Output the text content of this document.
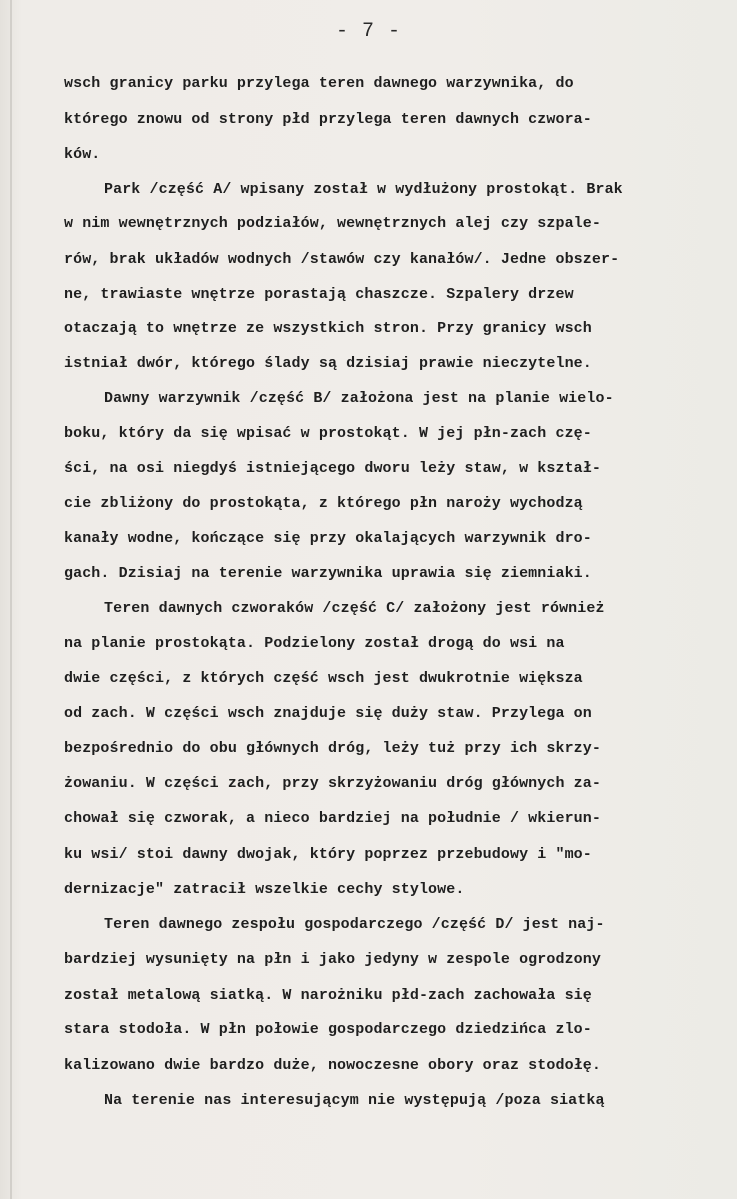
- 7 -
wsch granicy parku przylega teren dawnego warzywnika, do
którego znowu od strony płd przylega teren dawnych czwora-
ków.
Park /część A/ wpisany został w wydłużony prostokąt. Brak
w nim wewnętrznych podziałów, wewnętrznych alej czy szpale-
rów, brak układów wodnych /stawów czy kanałów/. Jedne obszer-
ne, trawiaste wnętrze porastają chaszcze. Szpalery drzew
otaczają to wnętrze ze wszystkich stron. Przy granicy wsch
istniał dwór, którego ślady są dzisiaj prawie nieczytelne.
Dawny warzywnik /część B/ założona jest na planie wielo-
boku, który da się wpisać w prostokąt. W jej płn-zach czę-
ści, na osi niegdyś istniejącego dworu leży staw, w kształ-
cie zbliżony do prostokąta, z którego płn naroży wychodzą
kanały wodne, kończące się przy okalających warzywnik dro-
gach. Dzisiaj na terenie warzywnika uprawia się ziemniaki.
Teren dawnych czworaków /część C/ założony jest również
na planie prostokąta. Podzielony został drogą do wsi na
dwie części, z których część wsch jest dwukrotnie większa
od zach. W części wsch znajduje się duży staw. Przylega on
bezpośrednio do obu głównych dróg, leży tuż przy ich skrzy-
żowaniu. W części zach, przy skrzyżowaniu dróg głównych za-
chował się czworak, a nieco bardziej na południe / wkierun-
ku wsi/ stoi dawny dwojak, który poprzez przebudowy i "mo-
dernizacje" zatracił wszelkie cechy stylowe.
Teren dawnego zespołu gospodarczego /część D/ jest naj-
bardziej wysunięty na płn i jako jedyny w zespole ogrodzony
został metalową siatką. W narożniku płd-zach zachowała się
stara stodoła. W płn połowie gospodarczego dziedzińca zlo-
kalizowano dwie bardzo duże, nowoczesne obory oraz stodołę.
Na terenie nas interesującym nie występują /poza siatką
